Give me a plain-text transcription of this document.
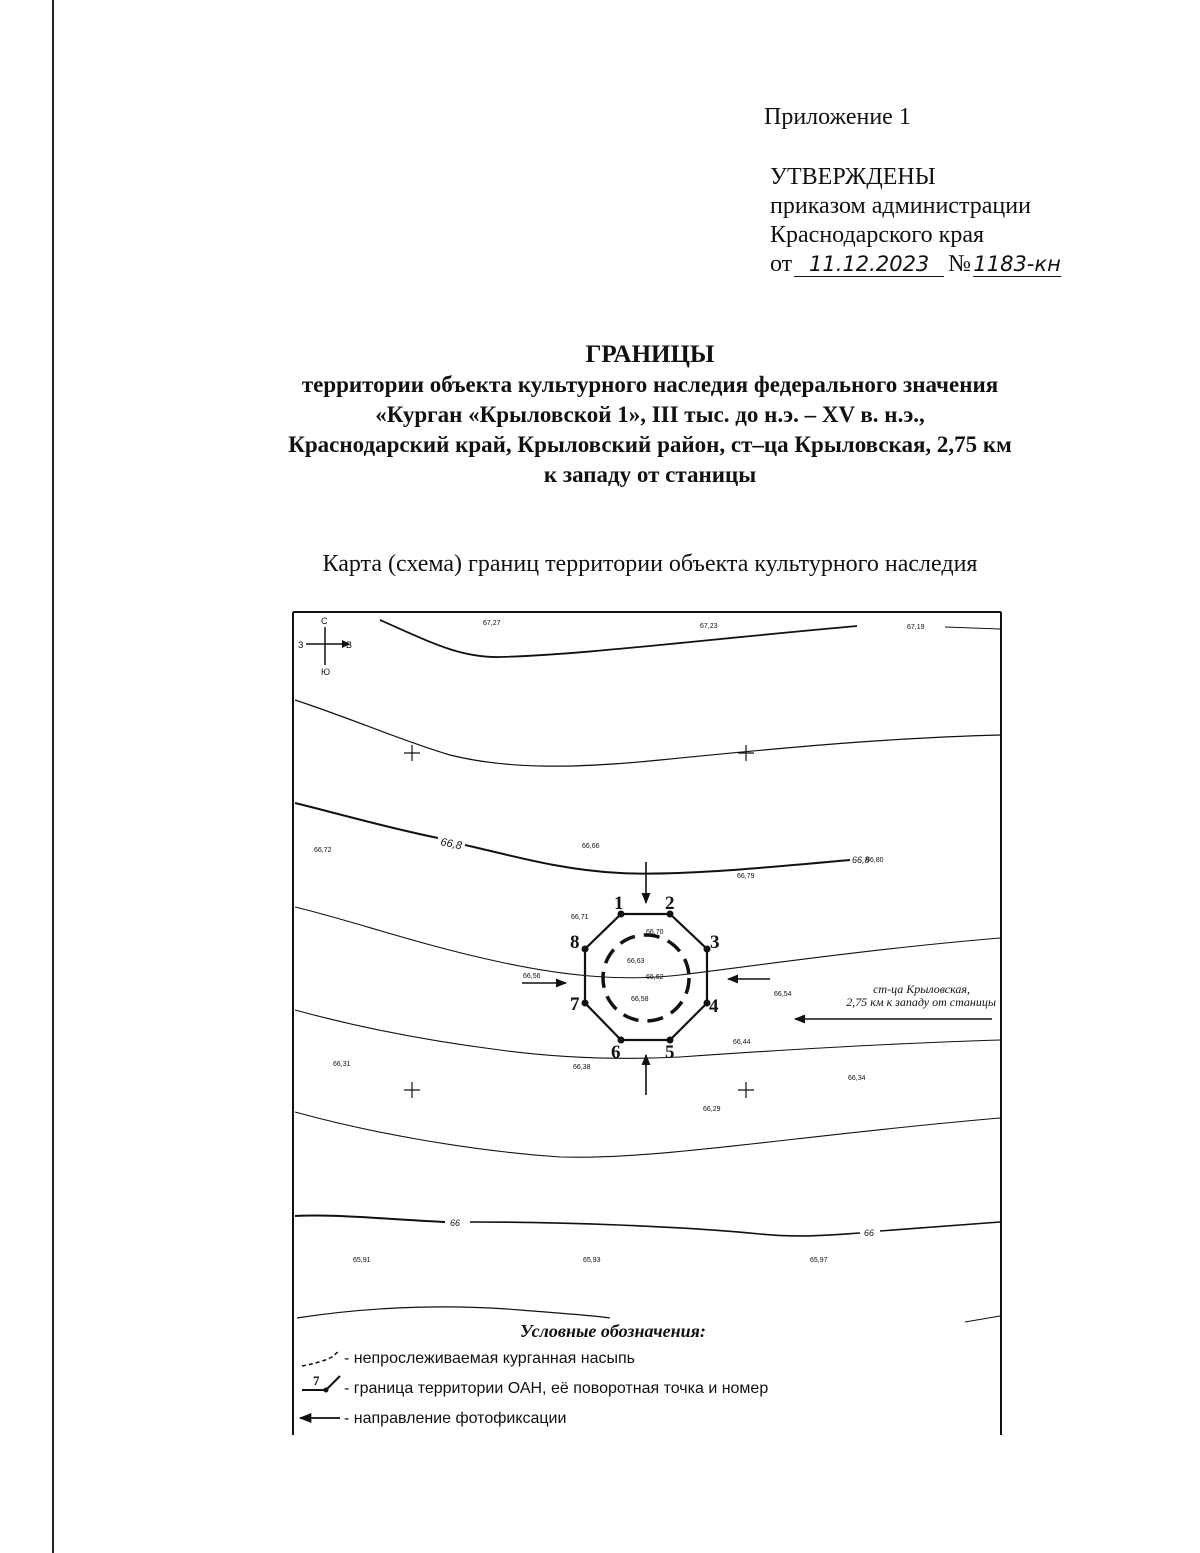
Приложение 1
УТВЕРЖДЕНЫ
приказом администрации
Краснодарского края
от 11.12.2023 № 1183-кн
ГРАНИЦЫ
территории объекта культурного наследия федерального значения
«Курган «Крыловской 1», III тыс. до н.э. – XV в. н.э.,
Краснодарский край, Крыловский район, ст–ца Крыловская, 2,75 км
к западу от станицы
Карта (схема) границ территории объекта культурного наследия
С
Ю
З	В
67,27	67,23	67,19
66,72
66,66
66,79
66,80
66,71
66,70
66,63
66,62
66,58
66,56
66,54
66,44
66,31	66,38
66,34
66,29
65,91	65,93	65,97
66,8
66,8
66
66
1 2
3
4
5
6
7
8
ст-ца Крыловская,
2,75 км к западу от станицы
Условные обозначения:
- непрослеживаемая курганная насыпь
7 - граница территории ОАН, её поворотная точка и номер
- направление фотофиксации
